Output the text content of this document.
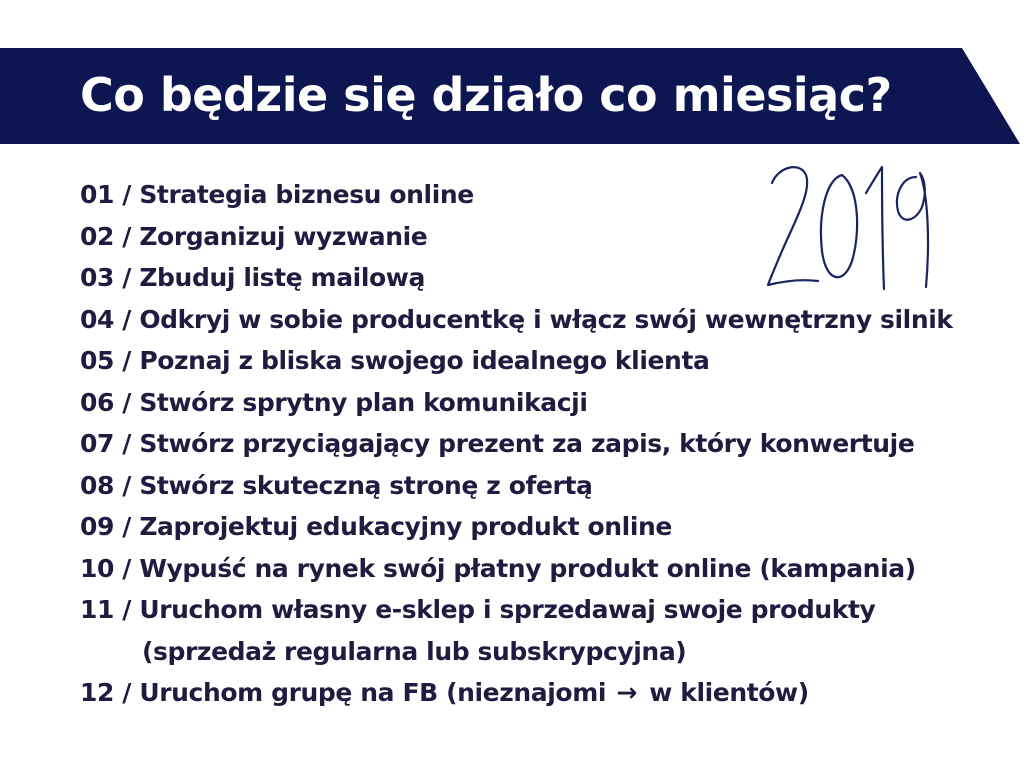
Co będzie się działo co miesiąc?
01 / Strategia biznesu online
02 / Zorganizuj wyzwanie
03 / Zbuduj listę mailową
04 / Odkryj w sobie producentkę i włącz swój wewnętrzny silnik
05 / Poznaj z bliska swojego idealnego klienta
06 / Stwórz sprytny plan komunikacji
07 / Stwórz przyciągający prezent za zapis, który konwertuje
08 / Stwórz skuteczną stronę z ofertą
09 / Zaprojektuj edukacyjny produkt online
10 / Wypuść na rynek swój płatny produkt online (kampania)
11 / Uruchom własny e-sklep i sprzedawaj swoje produkty
(sprzedaż regularna lub subskrypcyjna)
12 / Uruchom grupę na FB (nieznajomi → w klientów)
